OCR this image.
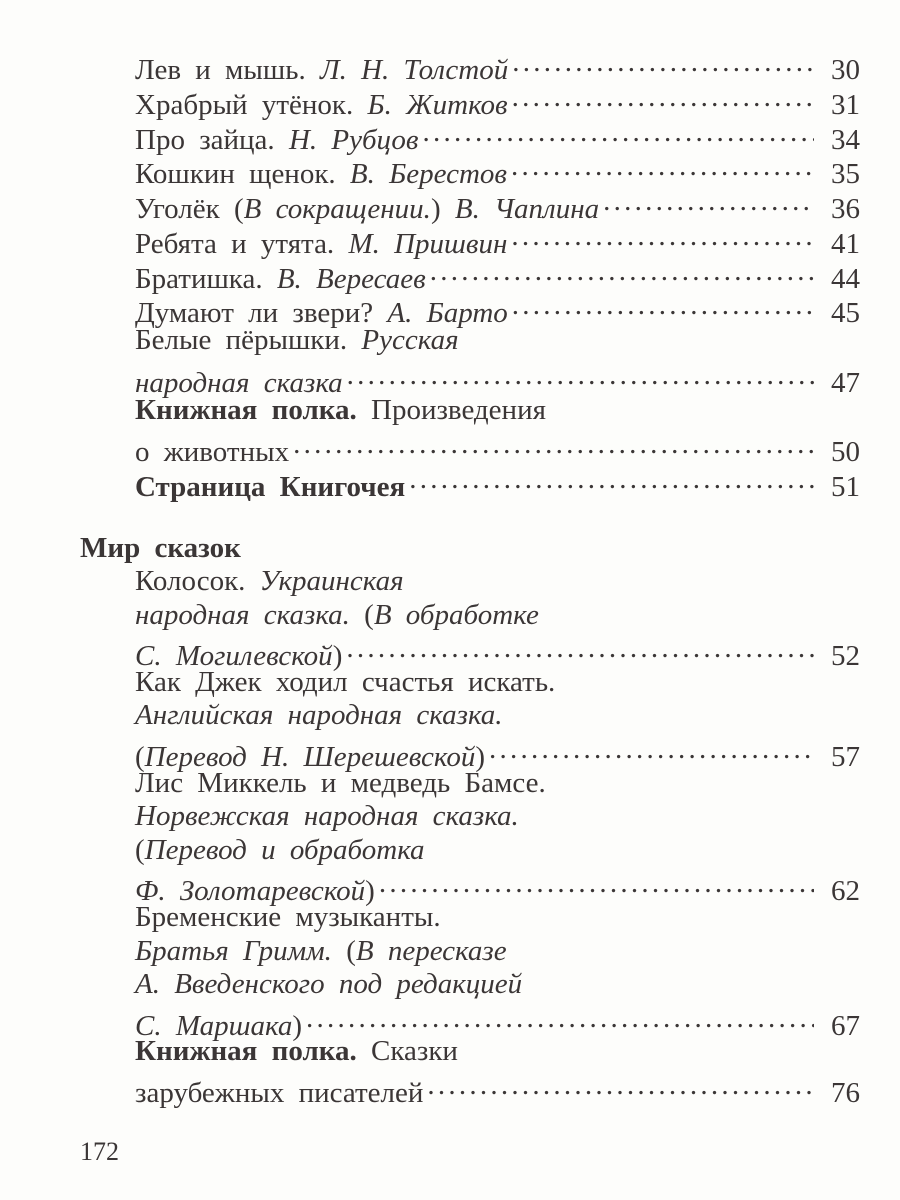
Мир сказок
172
Лев и мышь. Л. Н. Толстой . . .	30
Храбрый утёнок. Б. Житков . . .	31
Про зайца. Н. Рубцов . . .	34
Кошкин щенок. В. Берестов . . .	35
Уголёк ( В сокращении. ) В. Чаплина . . .	36
Ребята и утята. М. Пришвин . . .	41
Братишка. В. Вересаев . . .	44
Думают ли звери? А. Барто . . .	45
Белые пёрышки. Русская
народная сказка . . .	47
Книжная полка. Произведения
о животных . . .	50
Страница Книгочея . . .	51
Колосок. Украинская
народная сказка. ( В обработке
С. Могилевской ) . . .	52
Как Джек ходил счастья искать.
Английская народная сказка.
( Перевод Н. Шерешевской ) . . .	57
Лис Миккель и медведь Бамсе.
Норвежская народная сказка.
( Перевод и обработка
Ф. Золотаревской ) . . .	62
Бременские музыканты.
Братья Гримм. ( В пересказе
А. Введенского под редакцией
С. Маршака ) . . .	67
Книжная полка. Сказки
зарубежных писателей . . .	76
